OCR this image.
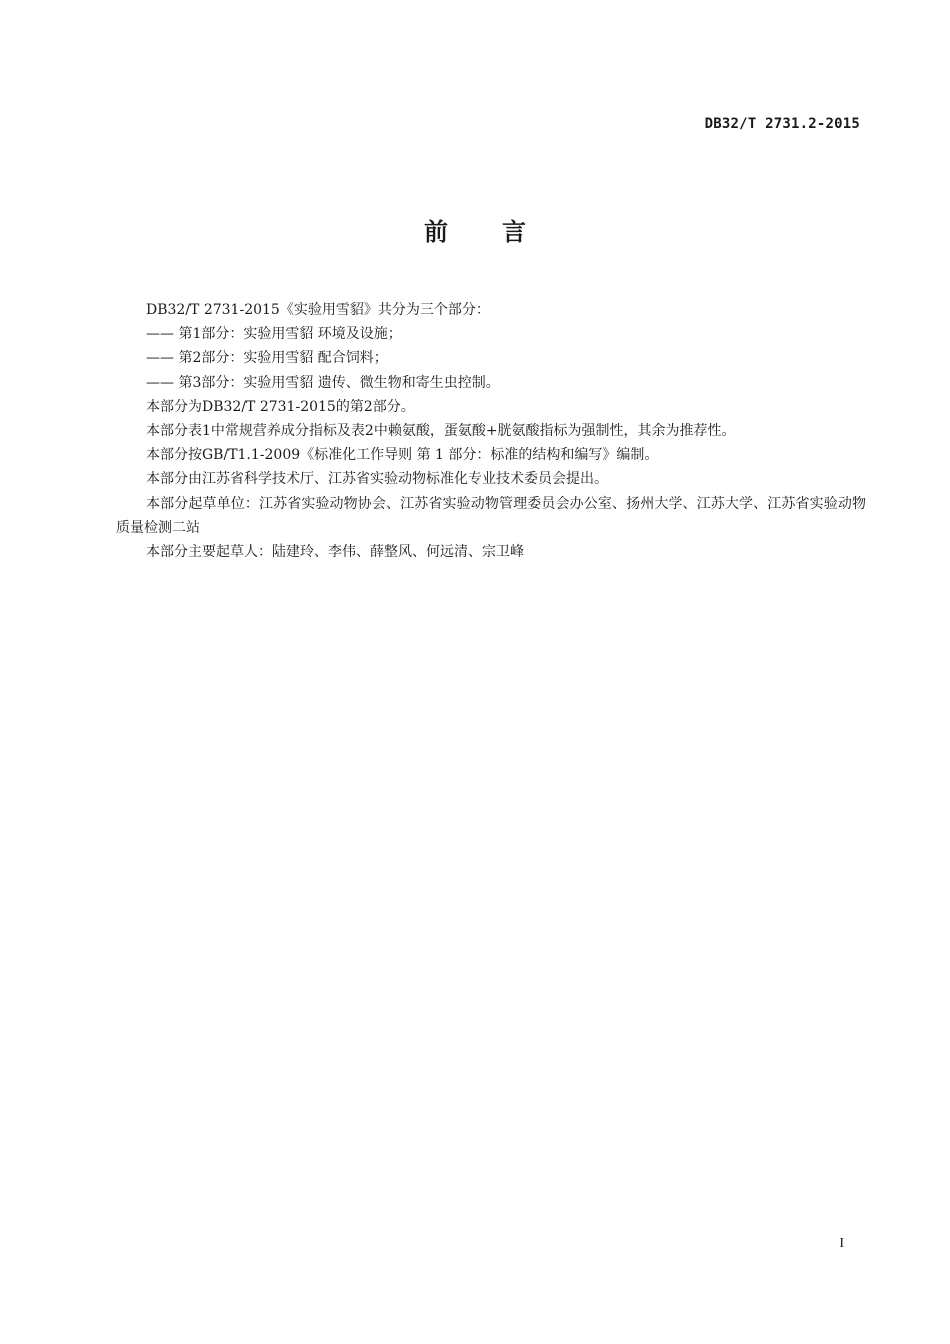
DB32/T 2731.2-2015
前言

DB32/T 2731-2015《实验用雪貂》共分为三个部分：

—— 第1部分：实验用雪貂 环境及设施；

—— 第2部分：实验用雪貂 配合饲料；

—— 第3部分：实验用雪貂 遗传、微生物和寄生虫控制。

本部分为DB32/T 2731-2015的第2部分。

本部分表1中常规营养成分指标及表2中赖氨酸，蛋氨酸+胱氨酸指标为强制性，其余为推荐性。

本部分按GB/T1.1-2009《标准化工作导则 第 1 部分：标准的结构和编写》编制。

本部分由江苏省科学技术厅、江苏省实验动物标准化专业技术委员会提出。

本部分起草单位：江苏省实验动物协会、江苏省实验动物管理委员会办公室、扬州大学、江苏大学、江苏省实验动物质量检测二站

本部分主要起草人：陆建玲、李伟、薛整风、何远清、宗卫峰

I
